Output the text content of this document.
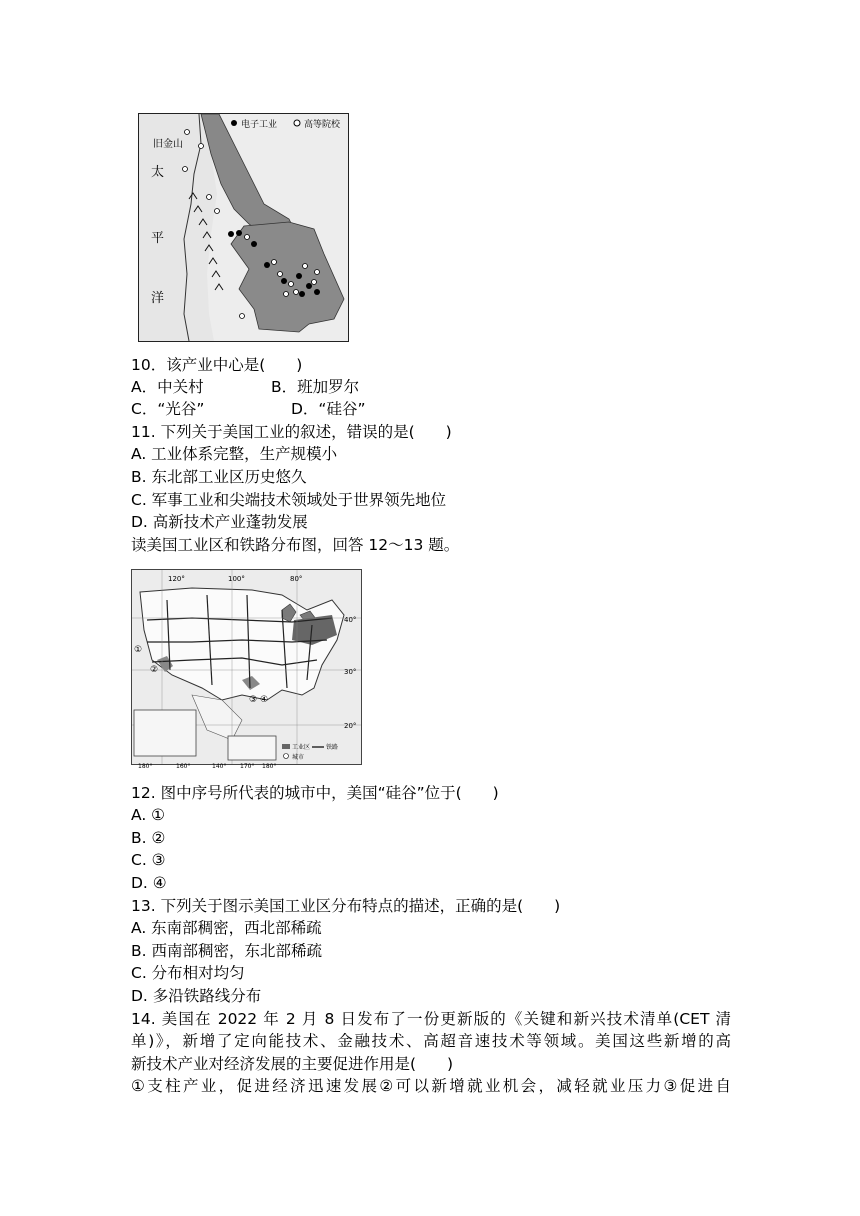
电子工业	高等院校
旧金山
太
平
洋
10．该产业中心是(　　)
A．中关村	B．班加罗尔
C．“光谷”	D．“硅谷”
11. 下列关于美国工业的叙述，错误的是(　　)
A. 工业体系完整，生产规模小
B. 东北部工业区历史悠久
C. 军事工业和尖端技术领域处于世界领先地位
D. 高新技术产业蓬勃发展
读美国工业区和铁路分布图，回答 12～13 题。
120°	100°	80°
40°
30°
20°
180°	160°	140° 170° 180°
①
②
③ ④
工业区
城市
铁路
12. 图中序号所代表的城市中，美国“硅谷”位于(　　)
A. ①
B. ②
C. ③
D. ④
13. 下列关于图示美国工业区分布特点的描述，正确的是(　　)
A. 东南部稠密，西北部稀疏
B. 西南部稠密，东北部稀疏
C. 分布相对均匀
D. 多沿铁路线分布
14. 美国在 2022 年 2 月 8 日发布了一份更新版的《关键和新兴技术清单(CET 清
单)》，新增了定向能技术、金融技术、高超音速技术等领域。美国这些新增的高
新技术产业对经济发展的主要促进作用是(　　)
①支柱产业，促进经济迅速发展②可以新增就业机会，减轻就业压力③促进自
